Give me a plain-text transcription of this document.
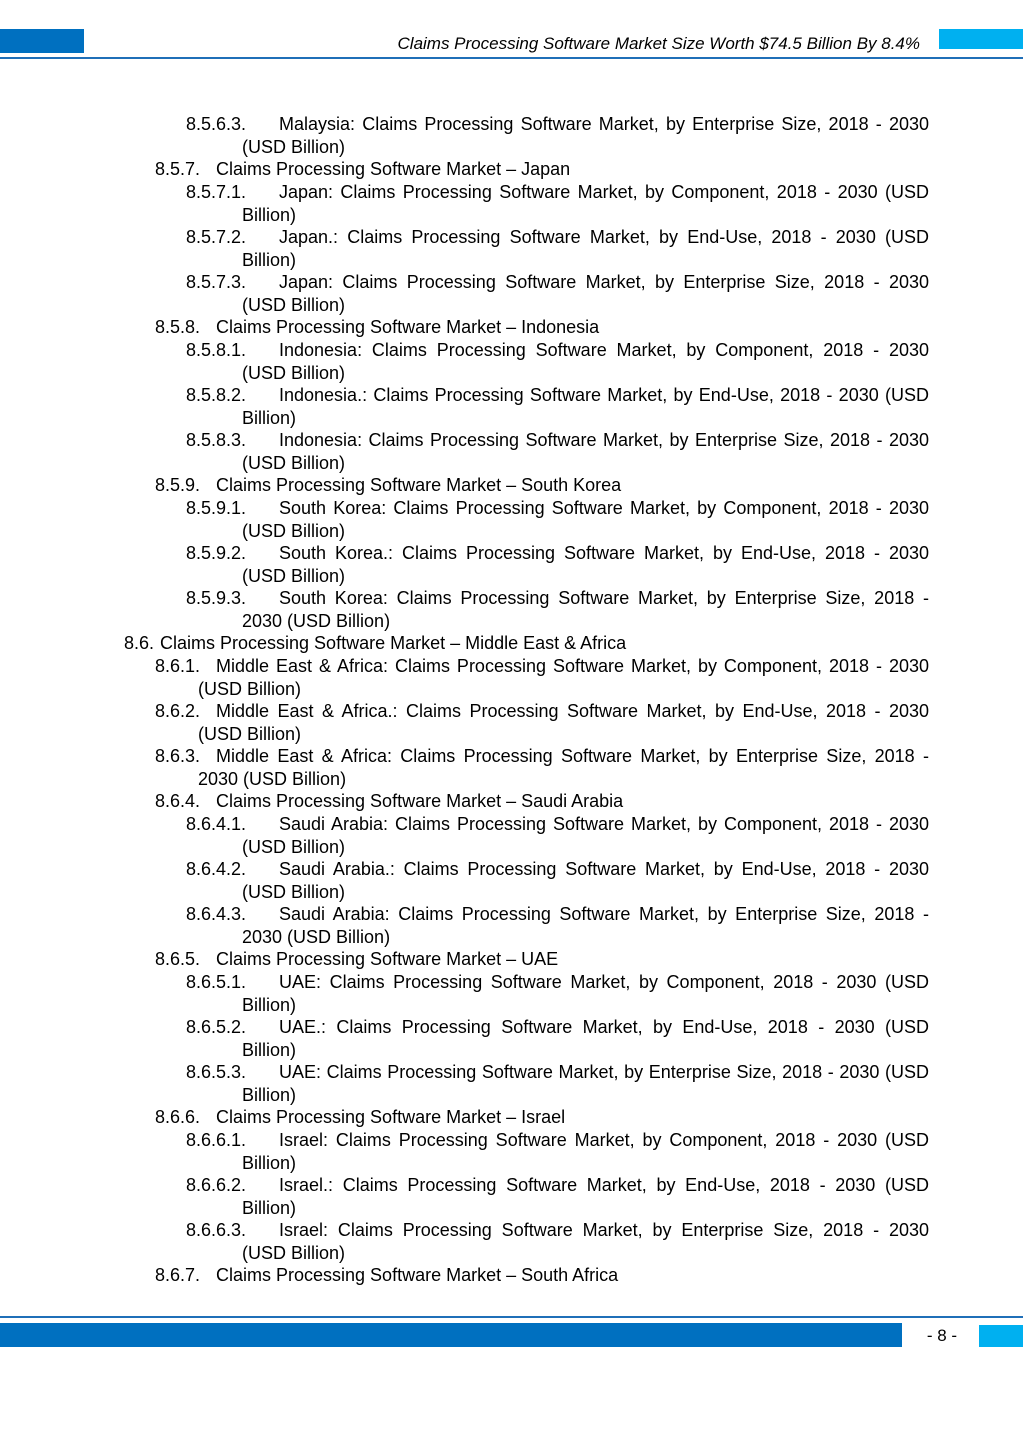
Claims Processing Software Market Size Worth $74.5 Billion By 8.4%
8.5.6.3.	Malaysia: Claims Processing Software Market, by Enterprise Size, 2018 - 2030 (USD Billion)
8.5.7. Claims Processing Software Market – Japan
8.5.7.1.	Japan: Claims Processing Software Market, by Component, 2018 - 2030 (USD Billion)
8.5.7.2.	Japan.: Claims Processing Software Market, by End-Use, 2018 - 2030 (USD Billion)
8.5.7.3.	Japan: Claims Processing Software Market, by Enterprise Size, 2018 - 2030 (USD Billion)
8.5.8. Claims Processing Software Market – Indonesia
8.5.8.1.	Indonesia: Claims Processing Software Market, by Component, 2018 - 2030 (USD Billion)
8.5.8.2.	Indonesia.: Claims Processing Software Market, by End-Use, 2018 - 2030 (USD Billion)
8.5.8.3.	Indonesia: Claims Processing Software Market, by Enterprise Size, 2018 - 2030 (USD Billion)
8.5.9. Claims Processing Software Market – South Korea
8.5.9.1.	South Korea: Claims Processing Software Market, by Component, 2018 - 2030 (USD Billion)
8.5.9.2.	South Korea.: Claims Processing Software Market, by End-Use, 2018 - 2030 (USD Billion)
8.5.9.3.	South Korea: Claims Processing Software Market, by Enterprise Size, 2018 - 2030 (USD Billion)
8.6. Claims Processing Software Market – Middle East & Africa
8.6.1. Middle East & Africa: Claims Processing Software Market, by Component, 2018 - 2030 (USD Billion)
8.6.2. Middle East & Africa.: Claims Processing Software Market, by End-Use, 2018 - 2030 (USD Billion)
8.6.3. Middle East & Africa: Claims Processing Software Market, by Enterprise Size, 2018 - 2030 (USD Billion)
8.6.4. Claims Processing Software Market – Saudi Arabia
8.6.4.1.	Saudi Arabia: Claims Processing Software Market, by Component, 2018 - 2030 (USD Billion)
8.6.4.2.	Saudi Arabia.: Claims Processing Software Market, by End-Use, 2018 - 2030 (USD Billion)
8.6.4.3.	Saudi Arabia: Claims Processing Software Market, by Enterprise Size, 2018 - 2030 (USD Billion)
8.6.5. Claims Processing Software Market – UAE
8.6.5.1.	UAE: Claims Processing Software Market, by Component, 2018 - 2030 (USD Billion)
8.6.5.2.	UAE.: Claims Processing Software Market, by End-Use, 2018 - 2030 (USD Billion)
8.6.5.3.	UAE: Claims Processing Software Market, by Enterprise Size, 2018 - 2030 (USD Billion)
8.6.6. Claims Processing Software Market – Israel
8.6.6.1.	Israel: Claims Processing Software Market, by Component, 2018 - 2030 (USD Billion)
8.6.6.2.	Israel.: Claims Processing Software Market, by End-Use, 2018 - 2030 (USD Billion)
8.6.6.3.	Israel: Claims Processing Software Market, by Enterprise Size, 2018 - 2030 (USD Billion)
8.6.7. Claims Processing Software Market – South Africa
- 8 -
